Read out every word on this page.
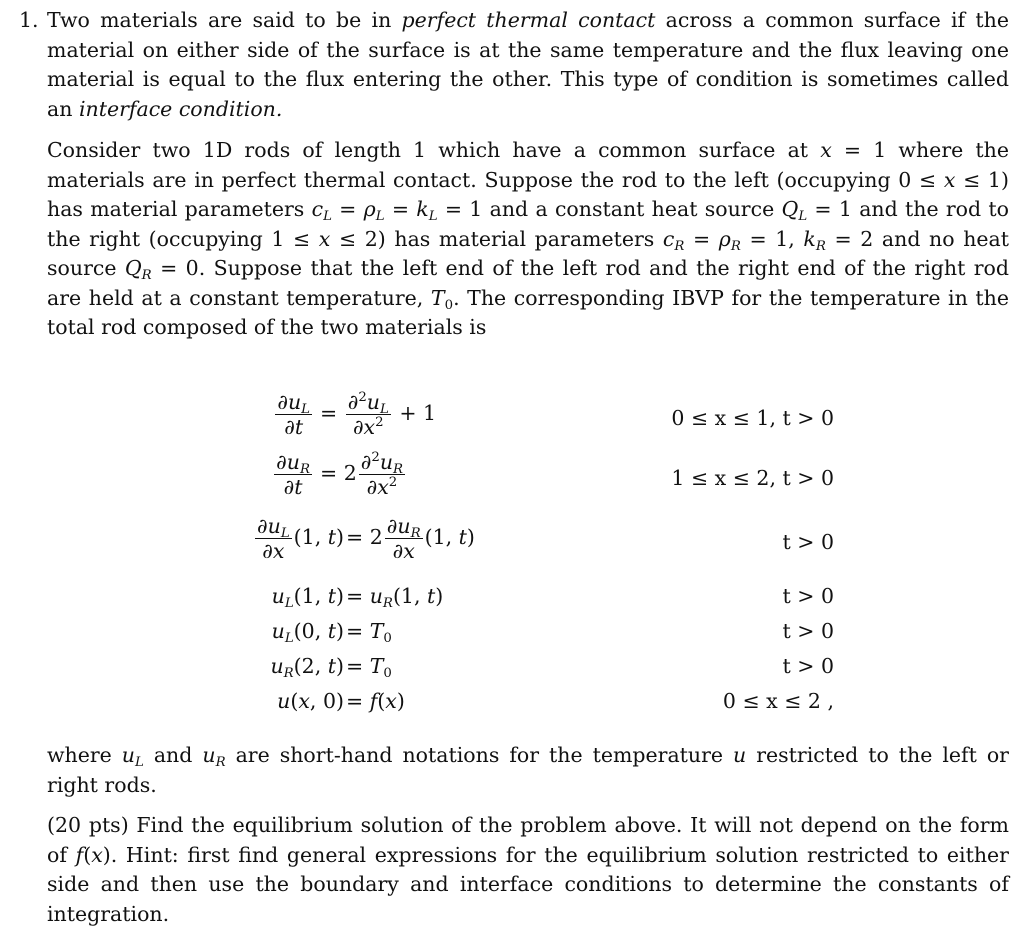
1. Two materials are said to be in perfect thermal contact across a common surface if the material on either side of the surface is at the same temperature and the flux leaving one material is equal to the flux entering the other. This type of condition is sometimes called an interface condition.

Consider two 1D rods of length 1 which have a common surface at x = 1 where the materials are in perfect thermal contact. Suppose the rod to the left (occupying 0 ≤ x ≤ 1) has material parameters $c_L = \rho_L = k_L = 1$ and a constant heat source $Q_L = 1$ and the rod to the right (occupying 1 ≤ x ≤ 2) has material parameters $c_R = \rho_R = 1$, $k_R = 2$ and no heat source $Q_R = 0$. Suppose that the left end of the left rod and the right end of the right rod are held at a constant temperature, $T_0$. The corresponding IBVP for the temperature in the total rod composed of the two materials is

$\frac{\partial u_L}{\partial t} = \frac{\partial^2u_L}{\partial x^2} + 1$	0 ≤ x ≤ 1, t > 0
$\frac{\partial u_R}{\partial t} = 2 \frac{\partial^2u_R}{\partial x^2}$	1 ≤ x ≤ 2, t > 0
$\frac{\partial u_L}{\partial x} (1$, $t) = 2 \frac{\partial u_R}{\partial x} (1$, t)	t > 0
$u_L(1$, $t) = u_R(1$, t)	t > 0
$u_L(0$, $t) = T_0$	t > 0
$u_R(2$, $t) = T_0$	t > 0
u(x, 0) = f(x)	0 ≤ x ≤ 2 ,

where $u_L$ and $u_R$ are short-hand notations for the temperature u restricted to the left or right rods.

(20 pts) Find the equilibrium solution of the problem above. It will not depend on the form of f(x). Hint: first find general expressions for the equilibrium solution restricted to either side and then use the boundary and interface conditions to determine the constants of integration.
